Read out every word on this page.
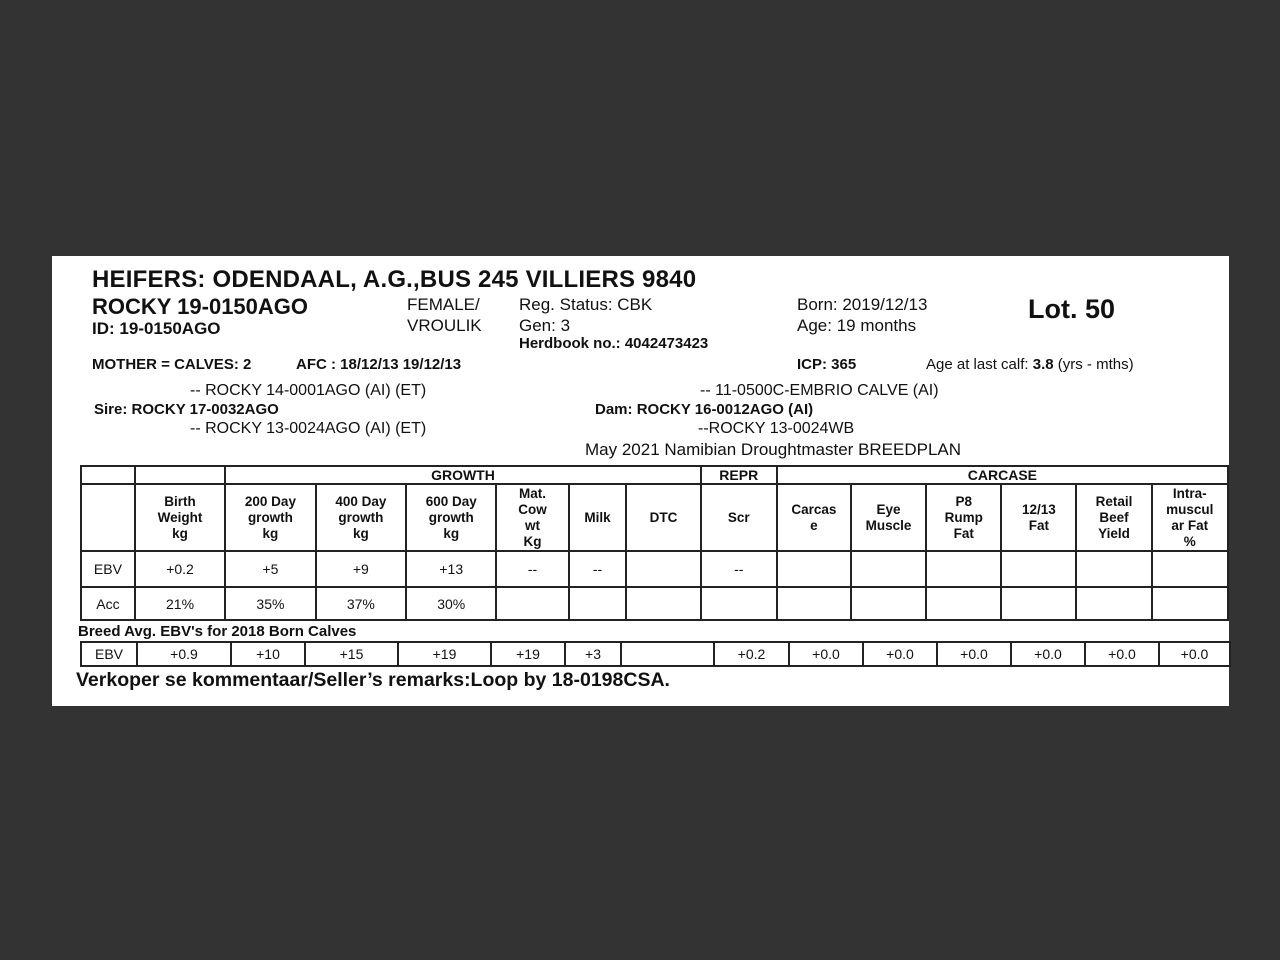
HEIFERS: ODENDAAL, A.G.,BUS 245 VILLIERS 9840
ROCKY 19-0150AGO
ID: 19-0150AGO
FEMALE/
VROULIK
Reg. Status: CBK
Gen: 3
Herdbook no.: 4042473423
Born: 2019/12/13
Age: 19 months
Lot. 50
MOTHER = CALVES: 2	AFC : 18/12/13 19/12/13	ICP: 365	Age at last calf: 3.8 (yrs - mths)
-- ROCKY 14-0001AGO (AI) (ET)
Sire: ROCKY 17-0032AGO
-- ROCKY 13-0024AGO (AI) (ET)
-- 11-0500C-EMBRIO CALVE (AI)
Dam: ROCKY 16-0012AGO (AI)
--ROCKY 13-0024WB
May 2021 Namibian Droughtmaster BREEDPLAN
		GROWTH						REPR	CARCASE					
	Birth
Weight
kg	200 Day
growth
kg	400 Day
growth
kg	600 Day
growth
kg	Mat.
Cow
wt
Kg	Milk	DTC	Scr	Carcas
e	Eye
Muscle	P8
Rump
Fat	12/13
Fat	Retail
Beef
Yield	Intra-
muscul
ar Fat
%
EBV	+0.2	+5	+9	+13	--	--		--						
Acc	21%	35%	37%	30%										
Breed Avg. EBV's for 2018 Born Calves
EBV	+0.9	+10	+15	+19	+19	+3		+0.2	+0.0	+0.0	+0.0	+0.0	+0.0	+0.0
Verkoper se kommentaar/Seller’s remarks:Loop by 18-0198CSA.
